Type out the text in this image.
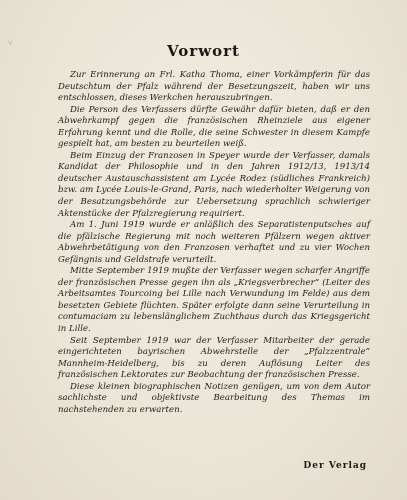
v	Vorwort

Zur Erinnerung an Frl. Katha Thoma, einer Vorkämpferin für das Deutschtum der Pfalz während der Besetzungszeit, haben wir uns entschlossen, dieses Werkchen herauszubringen.

Die Person des Verfassers dürfte Gewähr dafür bieten, daß er den Abwehrkampf gegen die französischen Rheinziele aus eigener Erfahrung kennt und die Rolle, die seine Schwester in diesem Kampfe gespielt hat, am besten zu beurteilen weiß.

Beim Einzug der Franzosen in Speyer wurde der Verfasser, damals Kandidat der Philosophie und in den Jahren 1912/13, 1913/14 deutscher Austauschassistent am Lycée Rodez (südliches Frankreich) bzw. am Lycée Louis-le-Grand, Paris, nach wiederholter Weigerung von der Besatzungsbehörde zur Uebersetzung sprachlich schwieriger Aktenstücke der Pfalzregierung requiriert.

Am 1. Juni 1919 wurde er anläßlich des Separatistenputsches auf die pfälzische Regierung mit noch weiteren Pfälzern wegen aktiver Abwehrbetätigung von den Franzosen verhaftet und zu vier Wochen Gefängnis und Geldstrafe verurteilt.

Mitte September 1919 mußte der Verfasser wegen scharfer Angriffe der französischen Presse gegen ihn als „Kriegsverbrecher“ (Leiter des Arbeitsamtes Tourcoing bei Lille nach Verwundung im Felde) aus dem besetzten Gebiete flüchten. Später erfolgte dann seine Verurteilung in contumaciam zu lebenslänglichem Zuchthaus durch das Kriegsgericht in Lille.

Seit September 1919 war der Verfasser Mitarbeiter der gerade eingerichteten bayrischen Abwehrstelle der „Pfalzzentrale“ Mannheim-Heidelberg, bis zu deren Auflösung Leiter des französischen Lektorates zur Beobachtung der französischen Presse.

Diese kleinen biographischen Notizen genügen, um von dem Autor sachlichste und objektivste Bearbeitung des Themas im nachstehenden zu erwarten.

Der Verlag
